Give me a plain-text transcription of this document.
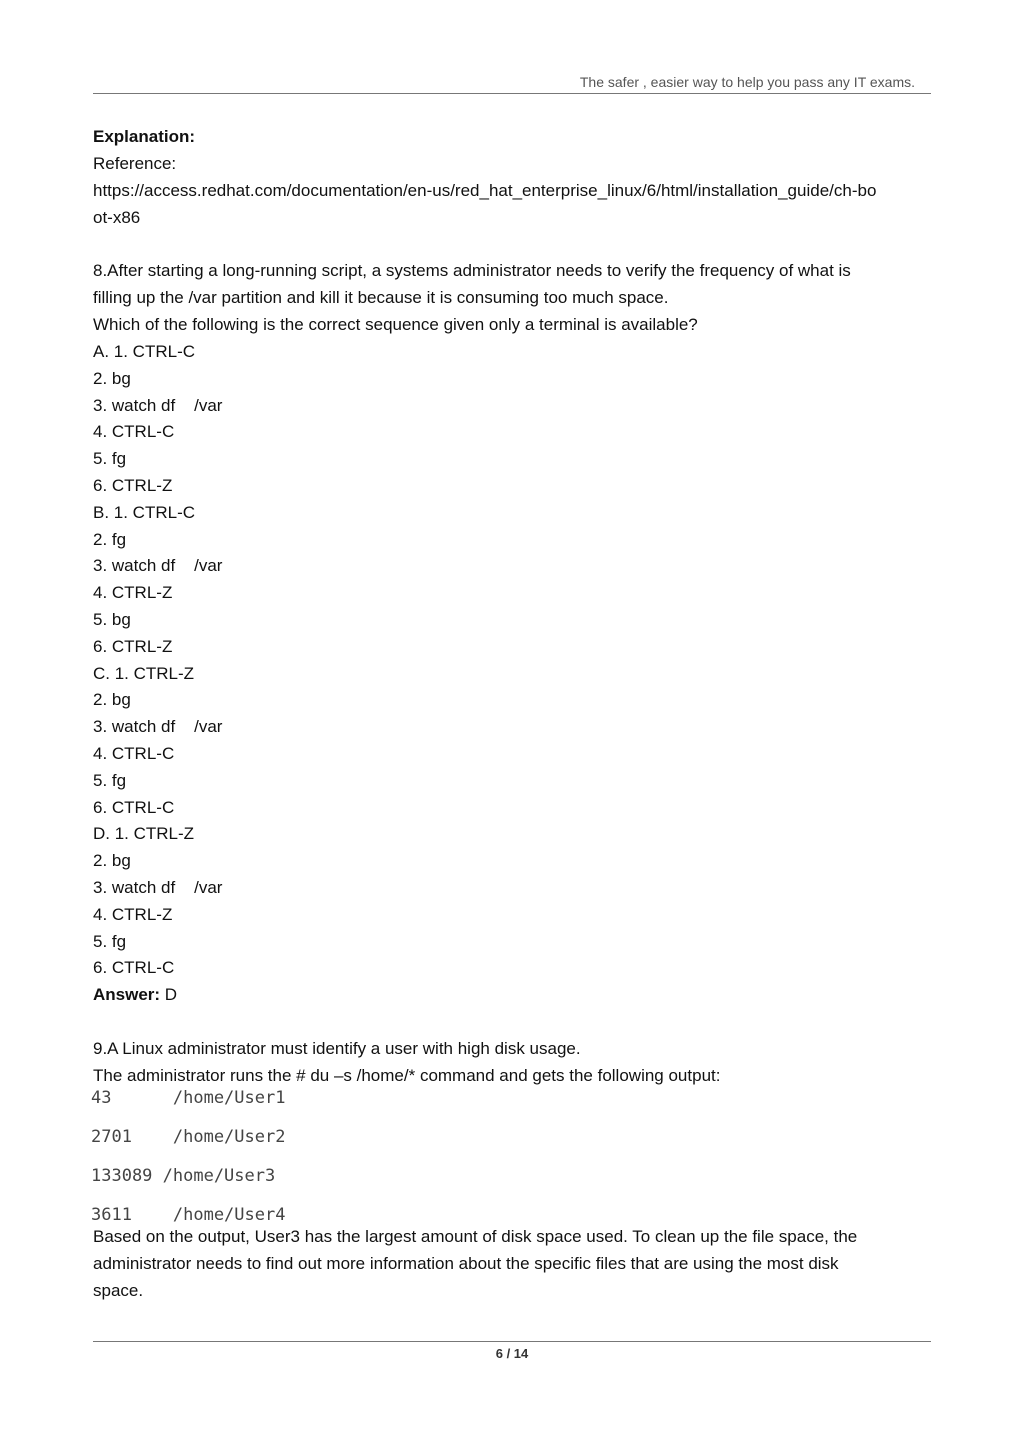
The safer , easier way to help you pass any IT exams.
Explanation:
Reference:
https://access.redhat.com/documentation/en-us/red_hat_enterprise_linux/6/html/installation_guide/ch-bo
ot-x86
8.After starting a long-running script, a systems administrator needs to verify the frequency of what is
filling up the /var partition and kill it because it is consuming too much space.
Which of the following is the correct sequence given only a terminal is available?
A. 1. CTRL-C
2. bg
3. watch df    /var
4. CTRL-C
5. fg
6. CTRL-Z
B. 1. CTRL-C
2. fg
3. watch df    /var
4. CTRL-Z
5. bg
6. CTRL-Z
C. 1. CTRL-Z
2. bg
3. watch df    /var
4. CTRL-C
5. fg
6. CTRL-C
D. 1. CTRL-Z
2. bg
3. watch df    /var
4. CTRL-Z
5. fg
6. CTRL-C
Answer: D
9.A Linux administrator must identify a user with high disk usage.
The administrator runs the # du –s /home/* command and gets the following output:
43      /home/User1
2701    /home/User2
133089 /home/User3
3611    /home/User4
Based on the output, User3 has the largest amount of disk space used. To clean up the file space, the
administrator needs to find out more information about the specific files that are using the most disk
space.
6 / 14
